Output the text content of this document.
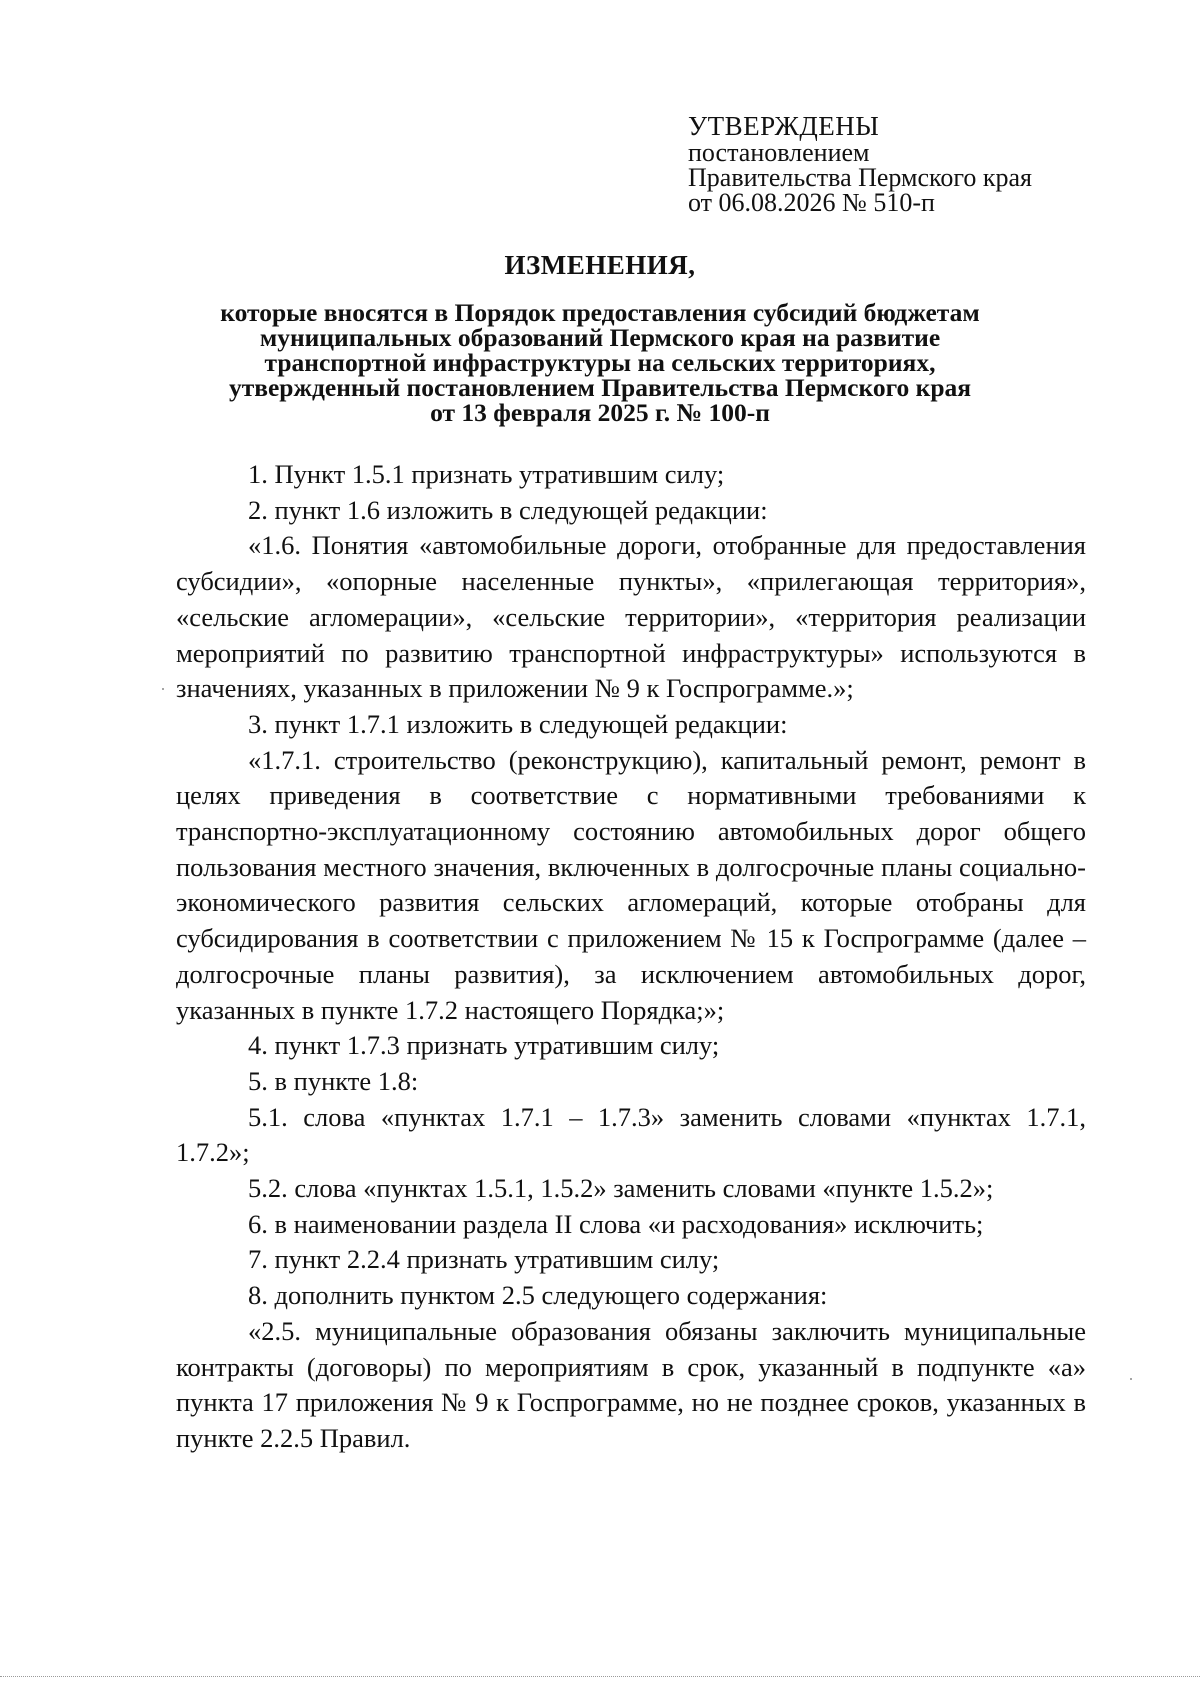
УТВЕРЖДЕНЫ
постановлением
Правительства Пермского края
от 06.08.2026 № 510-п
ИЗМЕНЕНИЯ,
которые вносятся в Порядок предоставления субсидий бюджетам
муниципальных образований Пермского края на развитие
транспортной инфраструктуры на сельских территориях,
утвержденный постановлением Правительства Пермского края
от 13 февраля 2025 г. № 100-п

1. Пункт 1.5.1 признать утратившим силу;

2. пункт 1.6 изложить в следующей редакции:

«1.6. Понятия «автомобильные дороги, отобранные для предоставления субсидии», «опорные населенные пункты», «прилегающая территория», «сельские агломерации», «сельские территории», «территория реализации мероприятий по развитию транспортной инфраструктуры» используются в значениях, указанных в приложении № 9 к Госпрограмме.»;

3. пункт 1.7.1 изложить в следующей редакции:

«1.7.1. строительство (реконструкцию), капитальный ремонт, ремонт в целях приведения в соответствие с нормативными требованиями к транспортно-эксплуатационному состоянию автомобильных дорог общего пользования местного значения, включенных в долгосрочные планы социально-экономического развития сельских агломераций, которые отобраны для субсидирования в соответствии с приложением № 15 к Госпрограмме (далее – долгосрочные планы развития), за исключением автомобильных дорог, указанных в пункте 1.7.2 настоящего Порядка;»;

4. пункт 1.7.3 признать утратившим силу;

5. в пункте 1.8:

5.1. слова «пунктах 1.7.1 – 1.7.3» заменить словами «пунктах 1.7.1, 1.7.2»;

5.2. слова «пунктах 1.5.1, 1.5.2» заменить словами «пункте 1.5.2»;

6. в наименовании раздела II слова «и расходования» исключить;

7. пункт 2.2.4 признать утратившим силу;

8. дополнить пунктом 2.5 следующего содержания:

«2.5. муниципальные образования обязаны заключить муниципальные контракты (договоры) по мероприятиям в срок, указанный в подпункте «а» пункта 17 приложения № 9 к Госпрограмме, но не позднее сроков, указанных в пункте 2.2.5 Правил.
